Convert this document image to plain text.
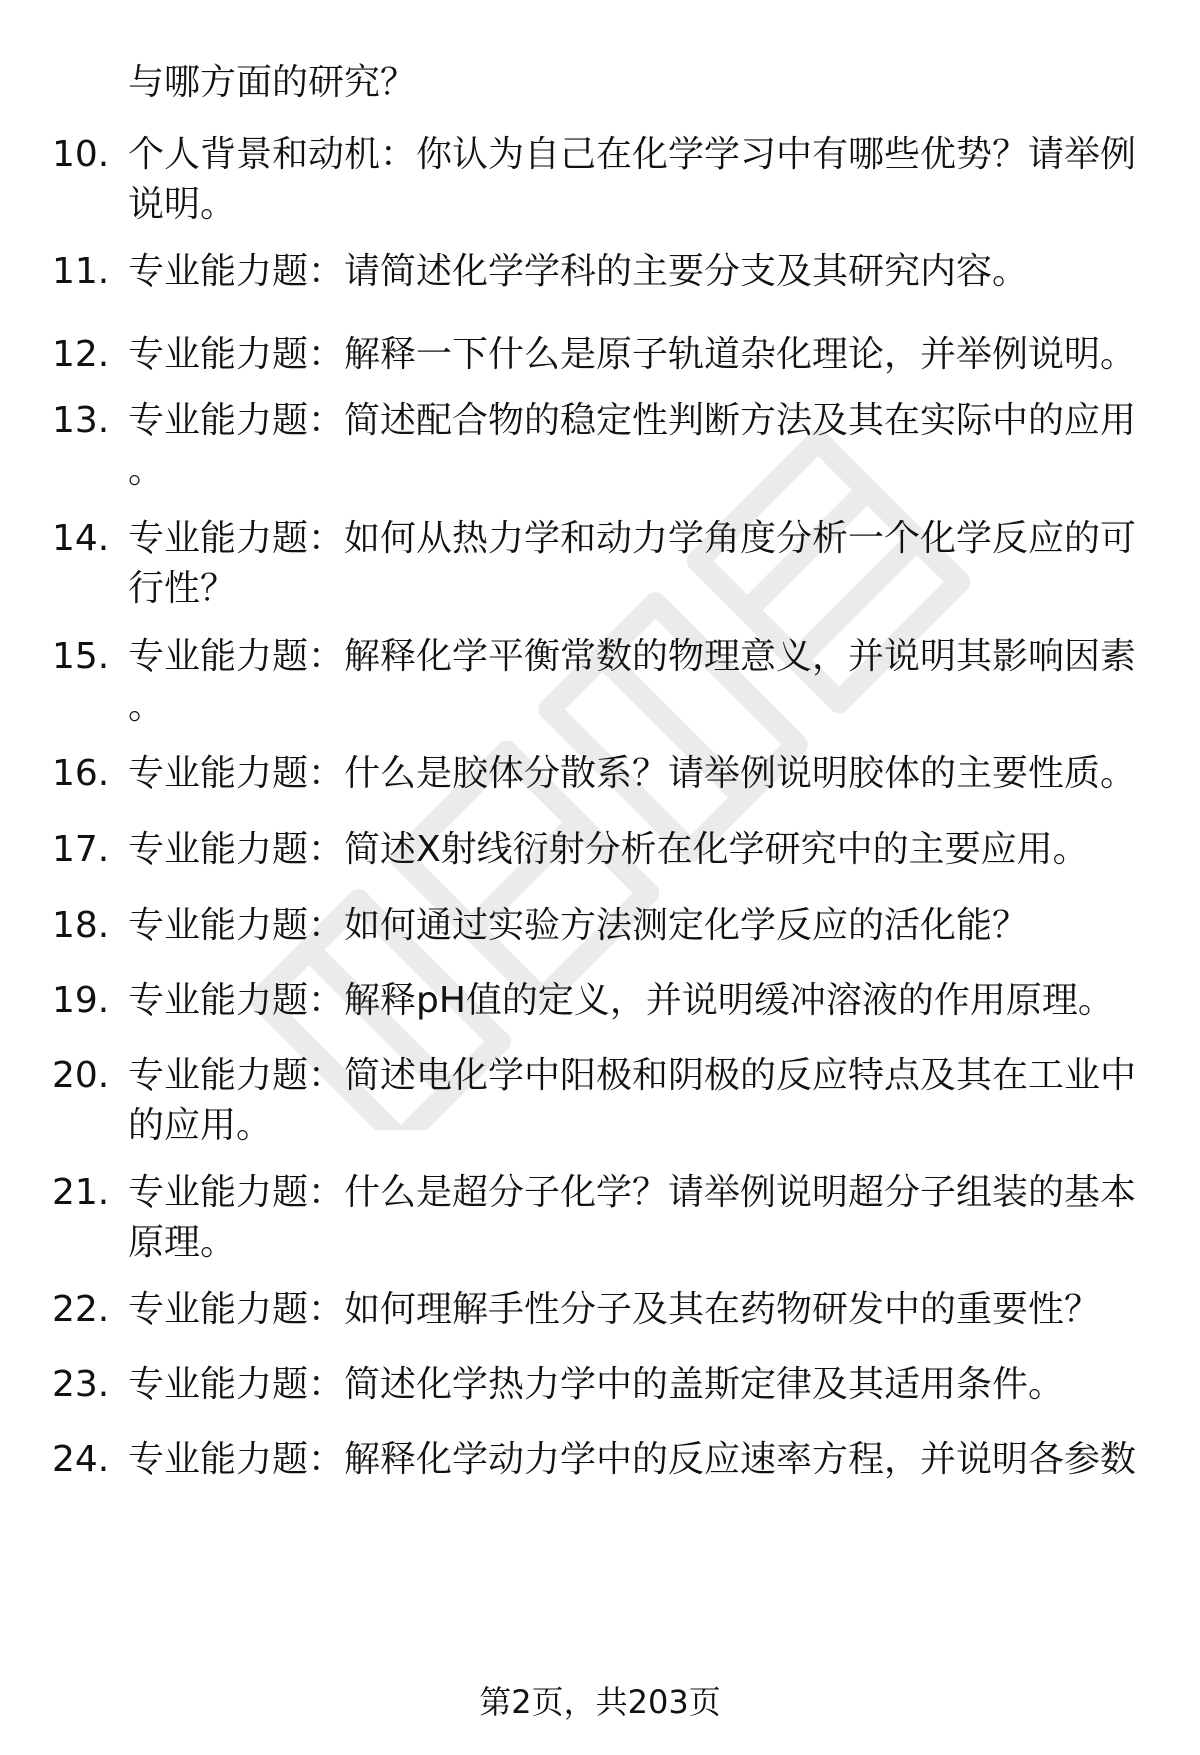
与哪方面的研究？
10. 个人背景和动机：你认为自己在化学学习中有哪些优势？请举例说明。
11. 专业能力题：请简述化学学科的主要分支及其研究内容。
12. 专业能力题：解释一下什么是原子轨道杂化理论，并举例说明。
13. 专业能力题：简述配合物的稳定性判断方法及其在实际中的应用。
14. 专业能力题：如何从热力学和动力学角度分析一个化学反应的可行性？
15. 专业能力题：解释化学平衡常数的物理意义，并说明其影响因素。
16. 专业能力题：什么是胶体分散系？请举例说明胶体的主要性质。
17. 专业能力题：简述X射线衍射分析在化学研究中的主要应用。
18. 专业能力题：如何通过实验方法测定化学反应的活化能？
19. 专业能力题：解释pH值的定义，并说明缓冲溶液的作用原理。
20. 专业能力题：简述电化学中阳极和阴极的反应特点及其在工业中的应用。
21. 专业能力题：什么是超分子化学？请举例说明超分子组装的基本原理。
22. 专业能力题：如何理解手性分子及其在药物研发中的重要性？
23. 专业能力题：简述化学热力学中的盖斯定律及其适用条件。
24. 专业能力题：解释化学动力学中的反应速率方程，并说明各参数
第2页，共203页
